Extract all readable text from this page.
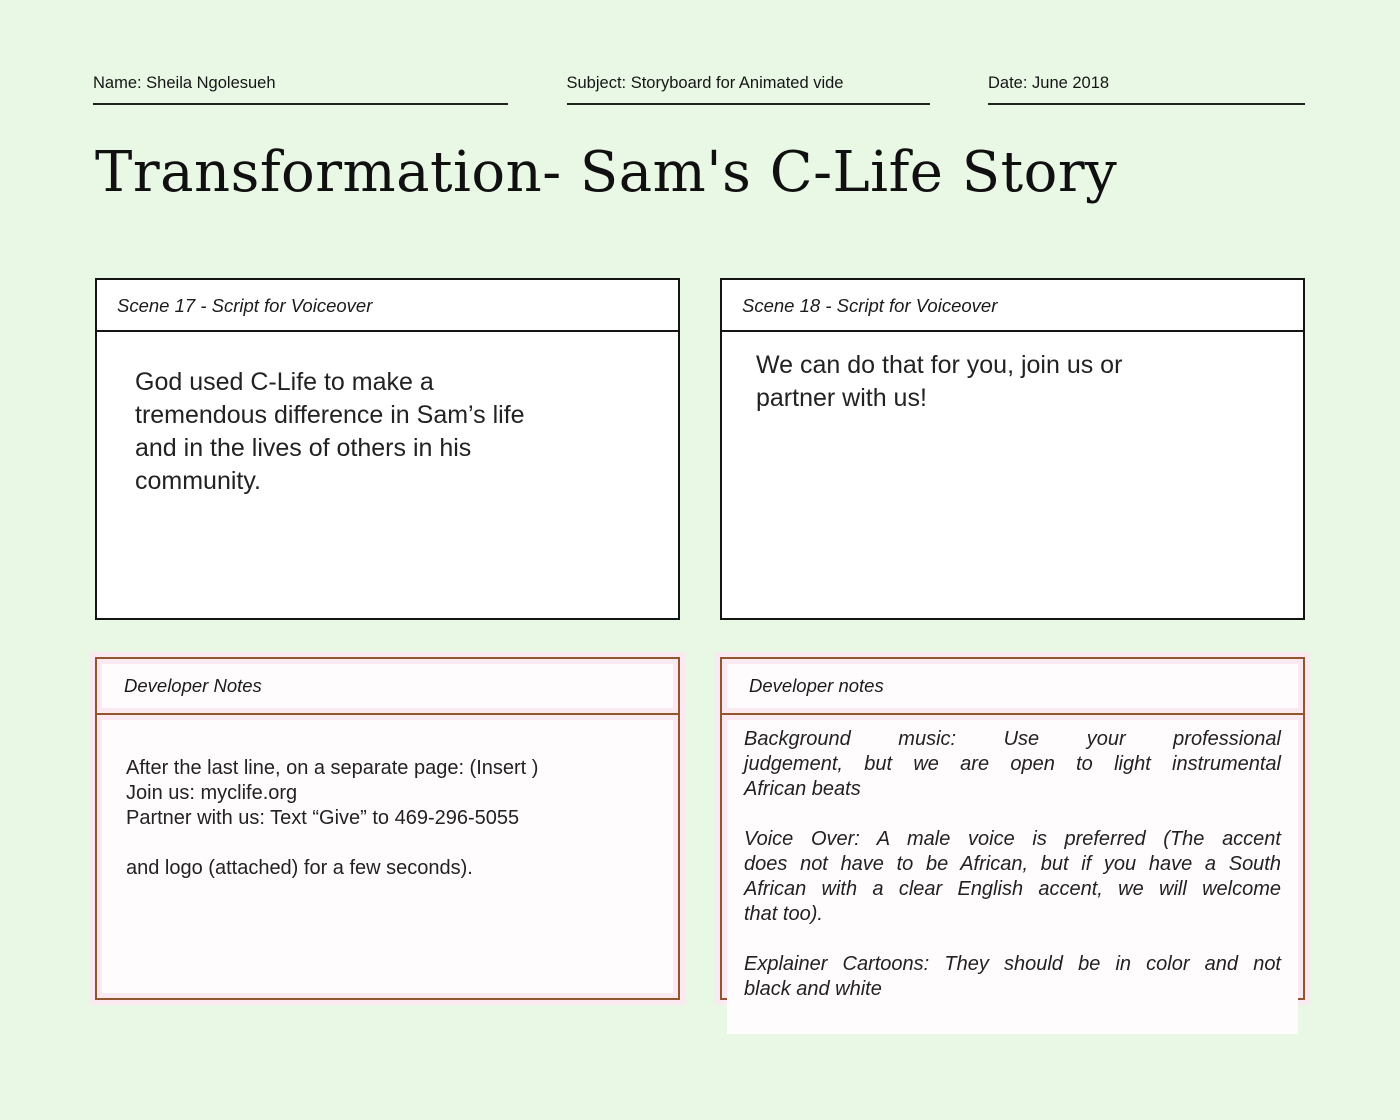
Name: Sheila Ngolesueh	Subject: Storyboard for Animated vide	Date: June 2018
Transformation- Sam's C-Life Story
Scene 17 - Script for Voiceover
God used C-Life to make a
tremendous difference in Sam’s life
and in the lives of others in his
community.
Scene 18 - Script for Voiceover
We can do that for you, join us or
partner with us!
Developer Notes
After the last line, on a separate page: (Insert )
Join us: myclife.org
Partner with us: Text “Give” to 469-296-5055
and logo (attached) for a few seconds).
Developer notes
Background music: Use your professional
judgement, but we are open to light instrumental
African beats
Voice Over: A male voice is preferred (The accent
does not have to be African, but if you have a South
African with a clear English accent, we will welcome
that too).
Explainer Cartoons: They should be in color and not
black and white
